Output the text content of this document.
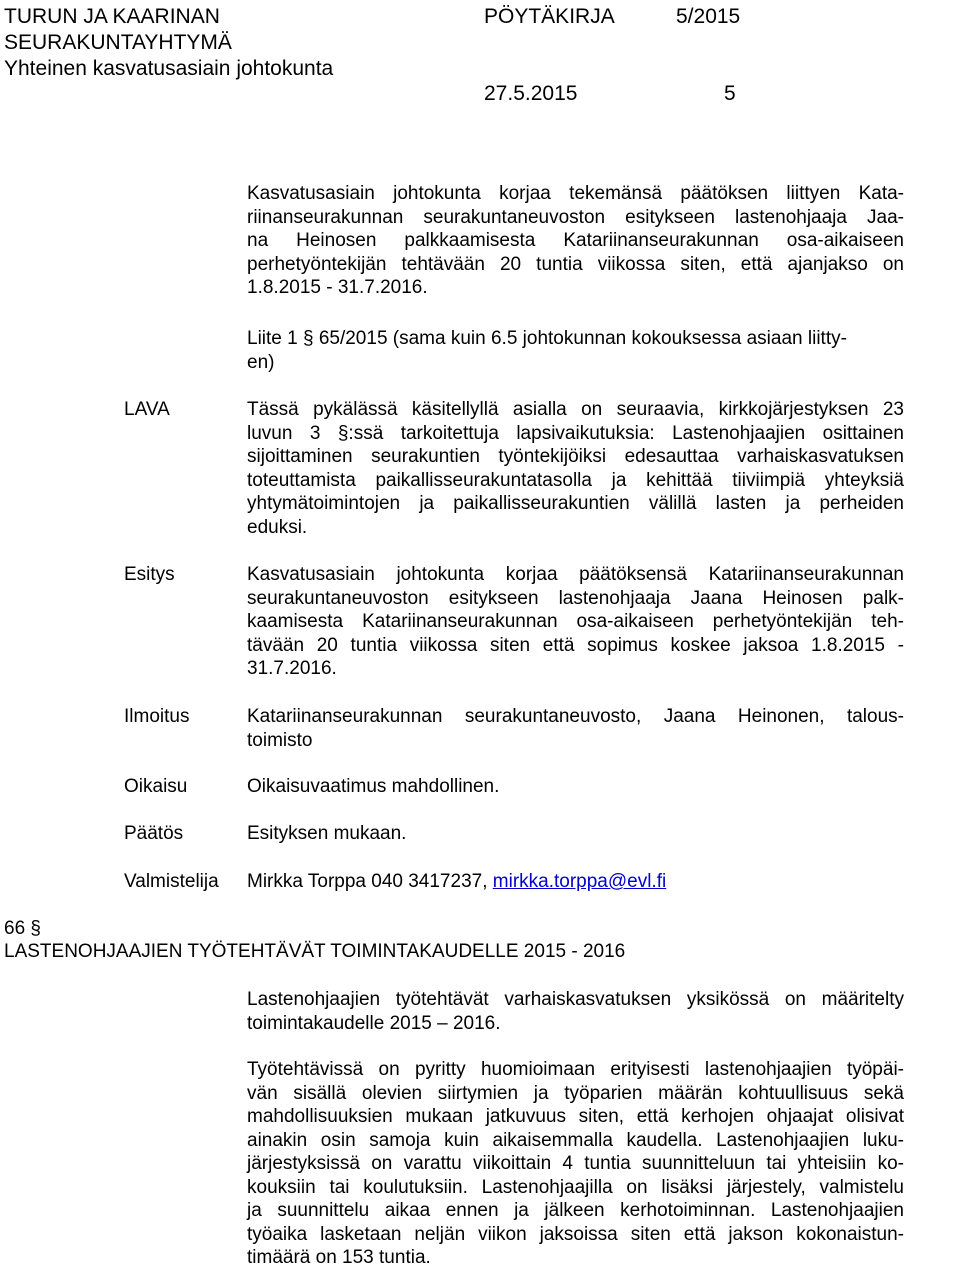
TURUN JA KAARINAN
SEURAKUNTAYHTYMÄ
Yhteinen kasvatusasiain johtokunta
PÖYTÄKIRJA	5/2015
27.5.2015	5
Kasvatusasiain johtokunta korjaa tekemänsä päätöksen liittyen Kata-
riinanseurakunnan seurakuntaneuvoston esitykseen lastenohjaaja Jaa-
na Heinosen palkkaamisesta Katariinanseurakunnan osa-aikaiseen
perhetyöntekijän tehtävään 20 tuntia viikossa siten, että ajanjakso on
1.8.2015 - 31.7.2016.
Liite 1 § 65/2015 (sama kuin 6.5 johtokunnan kokouksessa asiaan liitty-
en)
LAVA	Tässä pykälässä käsitellyllä asialla on seuraavia, kirkkojärjestyksen 23
luvun 3 §:ssä tarkoitettuja lapsivaikutuksia: Lastenohjaajien osittainen
sijoittaminen seurakuntien työntekijöiksi edesauttaa varhaiskasvatuksen
toteuttamista paikallisseurakuntatasolla ja kehittää tiiviimpiä yhteyksiä
yhtymätoimintojen ja paikallisseurakuntien välillä lasten ja perheiden
eduksi.
Esitys	Kasvatusasiain johtokunta korjaa päätöksensä Katariinanseurakunnan
seurakuntaneuvoston esitykseen lastenohjaaja Jaana Heinosen palk-
kaamisesta Katariinanseurakunnan osa-aikaiseen perhetyöntekijän teh-
tävään 20 tuntia viikossa siten että sopimus koskee jaksoa 1.8.2015 -
31.7.2016.
Ilmoitus	Katariinanseurakunnan seurakuntaneuvosto, Jaana Heinonen, talous-
toimisto
Oikaisu	Oikaisuvaatimus mahdollinen.
Päätös	Esityksen mukaan.
Valmistelija Mirkka Torppa 040 3417237, mirkka.torppa@evl.fi
66 §
LASTENOHJAAJIEN TYÖTEHTÄVÄT TOIMINTAKAUDELLE 2015 - 2016
Lastenohjaajien työtehtävät varhaiskasvatuksen yksikössä on määritelty
toimintakaudelle 2015 – 2016.
Työtehtävissä on pyritty huomioimaan erityisesti lastenohjaajien työpäi-
vän sisällä olevien siirtymien ja työparien määrän kohtuullisuus sekä
mahdollisuuksien mukaan jatkuvuus siten, että kerhojen ohjaajat olisivat
ainakin osin samoja kuin aikaisemmalla kaudella. Lastenohjaajien luku-
järjestyksissä on varattu viikoittain 4 tuntia suunnitteluun tai yhteisiin ko-
kouksiin tai koulutuksiin. Lastenohjaajilla on lisäksi järjestely, valmistelu
ja suunnittelu aikaa ennen ja jälkeen kerhotoiminnan. Lastenohjaajien
työaika lasketaan neljän viikon jaksoissa siten että jakson kokonaistun-
timäärä on 153 tuntia.
